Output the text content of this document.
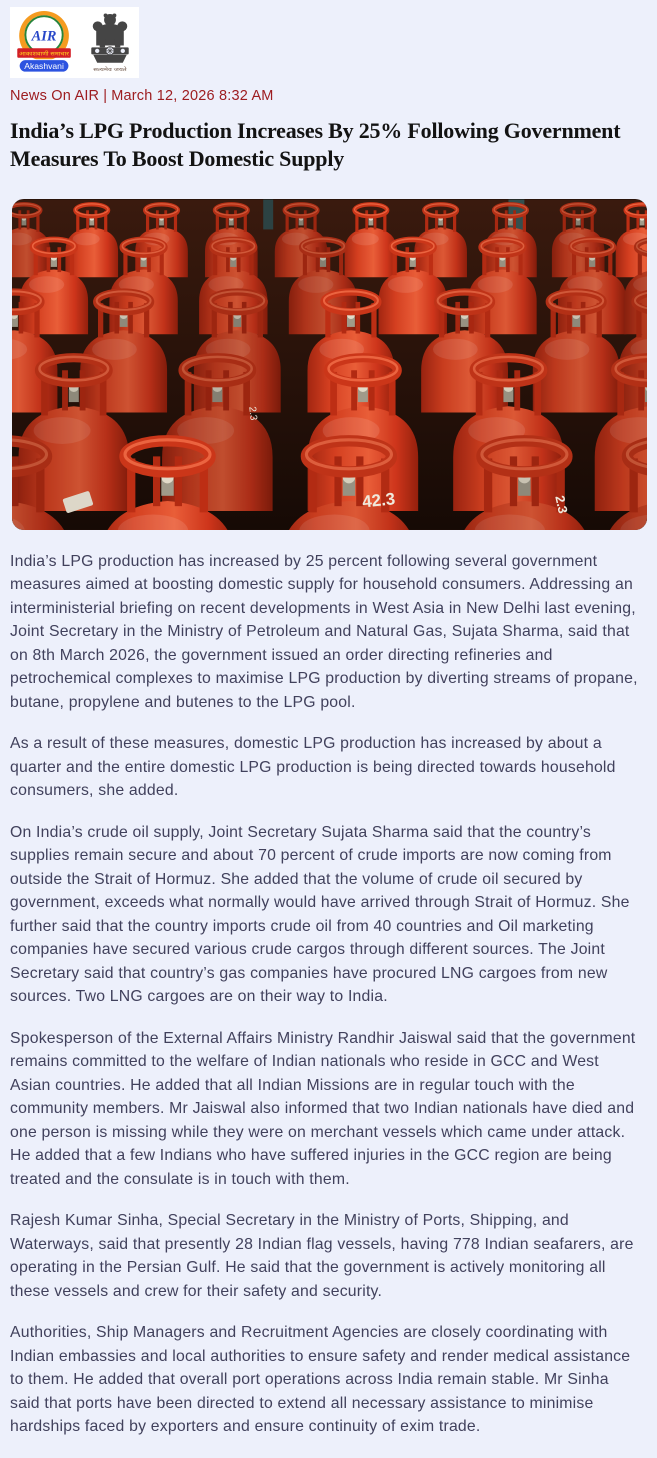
AIR
आकाशवाणी समाचार
Akashvani	सत्यमेव जयते
News On AIR | March 12, 2026 8:32 AM
India’s LPG Production Increases By 25% Following Government Measures To Boost Domestic Supply
42.3	2.3
2.3

India’s LPG production has increased by 25 percent following several government measures aimed at boosting domestic supply for household consumers. Addressing an interministerial briefing on recent developments in West Asia in New Delhi last evening, Joint Secretary in the Ministry of Petroleum and Natural Gas, Sujata Sharma, said that on 8th March 2026, the government issued an order directing refineries and petrochemical complexes to maximise LPG production by diverting streams of propane, butane, propylene and butenes to the LPG pool.

As a result of these measures, domestic LPG production has increased by about a quarter and the entire domestic LPG production is being directed towards household consumers, she added.

On India’s crude oil supply, Joint Secretary Sujata Sharma said that the country’s supplies remain secure and about 70 percent of crude imports are now coming from outside the Strait of Hormuz. She added that the volume of crude oil secured by government, exceeds what normally would have arrived through Strait of Hormuz. She further said that the country imports crude oil from 40 countries and Oil marketing companies have secured various crude cargos through different sources. The Joint Secretary said that country’s gas companies have procured LNG cargoes from new sources. Two LNG cargoes are on their way to India.

Spokesperson of the External Affairs Ministry Randhir Jaiswal said that the government remains committed to the welfare of Indian nationals who reside in GCC and West Asian countries. He added that all Indian Missions are in regular touch with the community members. Mr Jaiswal also informed that two Indian nationals have died and one person is missing while they were on merchant vessels which came under attack. He added that a few Indians who have suffered injuries in the GCC region are being treated and the consulate is in touch with them.

Rajesh Kumar Sinha, Special Secretary in the Ministry of Ports, Shipping, and Waterways, said that presently 28 Indian flag vessels, having 778 Indian seafarers, are operating in the Persian Gulf. He said that the government is actively monitoring all these vessels and crew for their safety and security.

Authorities, Ship Managers and Recruitment Agencies are closely coordinating with Indian embassies and local authorities to ensure safety and render medical assistance to them. He added that overall port operations across India remain stable. Mr Sinha said that ports have been directed to extend all necessary assistance to minimise hardships faced by exporters and ensure continuity of exim trade.
